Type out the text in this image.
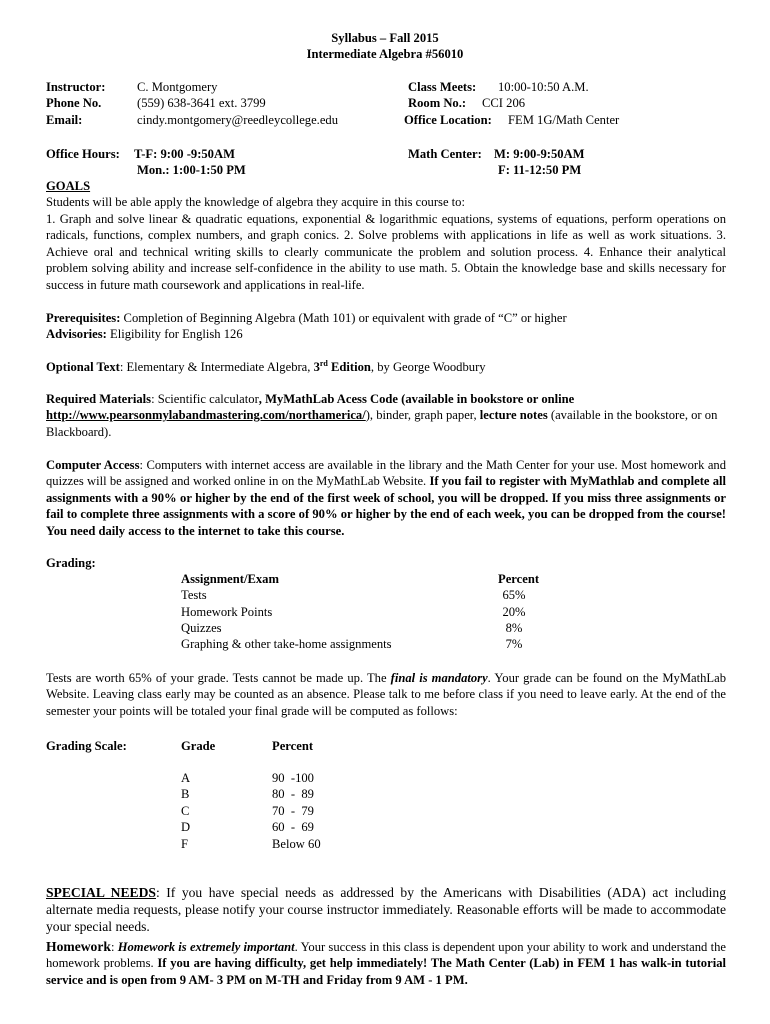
Syllabus – Fall 2015
Intermediate Algebra #56010
Instructor:	C. Montgomery
Phone No.	(559) 638-3641 ext. 3799
Email:	cindy.montgomery@reedleycollege.edu
Class Meets: 10:00-10:50 A.M.
Room No.: CCI 206
Office Location: FEM 1G/Math Center
Office Hours: T-F: 9:00 -9:50AM
Mon.: 1:00-1:50 PM
Math Center: M: 9:00-9:50AM
F: 11-12:50 PM
GOALS
Students will be able apply the knowledge of algebra they acquire in this course to:
1. Graph and solve linear & quadratic equations, exponential & logarithmic equations, systems of equations, perform operations on radicals, functions, complex numbers, and graph conics. 2. Solve problems with applications in life as well as work situations. 3. Achieve oral and technical writing skills to clearly communicate the problem and solution process. 4. Enhance their analytical problem solving ability and increase self-confidence in the ability to use math. 5. Obtain the knowledge base and skills necessary for success in future math coursework and applications in real-life.
Prerequisites: Completion of Beginning Algebra (Math 101) or equivalent with grade of “C” or higher
Advisories: Eligibility for English 126
Optional Text: Elementary & Intermediate Algebra, 3rd Edition, by George Woodbury
Required Materials: Scientific calculator, MyMathLab Acess Code (available in bookstore or online http://www.pearsonmylabandmastering.com/northamerica/), binder, graph paper, lecture notes (available in the bookstore, or on Blackboard).
Computer Access: Computers with internet access are available in the library and the Math Center for your use. Most homework and quizzes will be assigned and worked online in on the MyMathLab Website. If you fail to register with MyMathlab and complete all assignments with a 90% or higher by the end of the first week of school, you will be dropped. If you miss three assignments or fail to complete three assignments with a score of 90% or higher by the end of each week, you can be dropped from the course! You need daily access to the internet to take this course.
Grading:
Assignment/Exam	Percent
Tests	65%
Homework Points	20%
Quizzes	8%
Graphing & other take-home assignments	7%
Tests are worth 65% of your grade. Tests cannot be made up. The final is mandatory. Your grade can be found on the MyMathLab Website. Leaving class early may be counted as an absence. Please talk to me before class if you need to leave early. At the end of the semester your points will be totaled your final grade will be computed as follows:
Grading Scale:	Grade	Percent
A	90  -100
B	80  -  89
C	70  -  79
D	60  -  69
F	Below 60
SPECIAL NEEDS: If you have special needs as addressed by the Americans with Disabilities (ADA) act including alternate media requests, please notify your course instructor immediately. Reasonable efforts will be made to accommodate your special needs.
Homework: Homework is extremely important. Your success in this class is dependent upon your ability to work and understand the homework problems. If you are having difficulty, get help immediately! The Math Center (Lab) in FEM 1 has walk-in tutorial service and is open from 9 AM- 3 PM on M-TH and Friday from 9 AM - 1 PM.
